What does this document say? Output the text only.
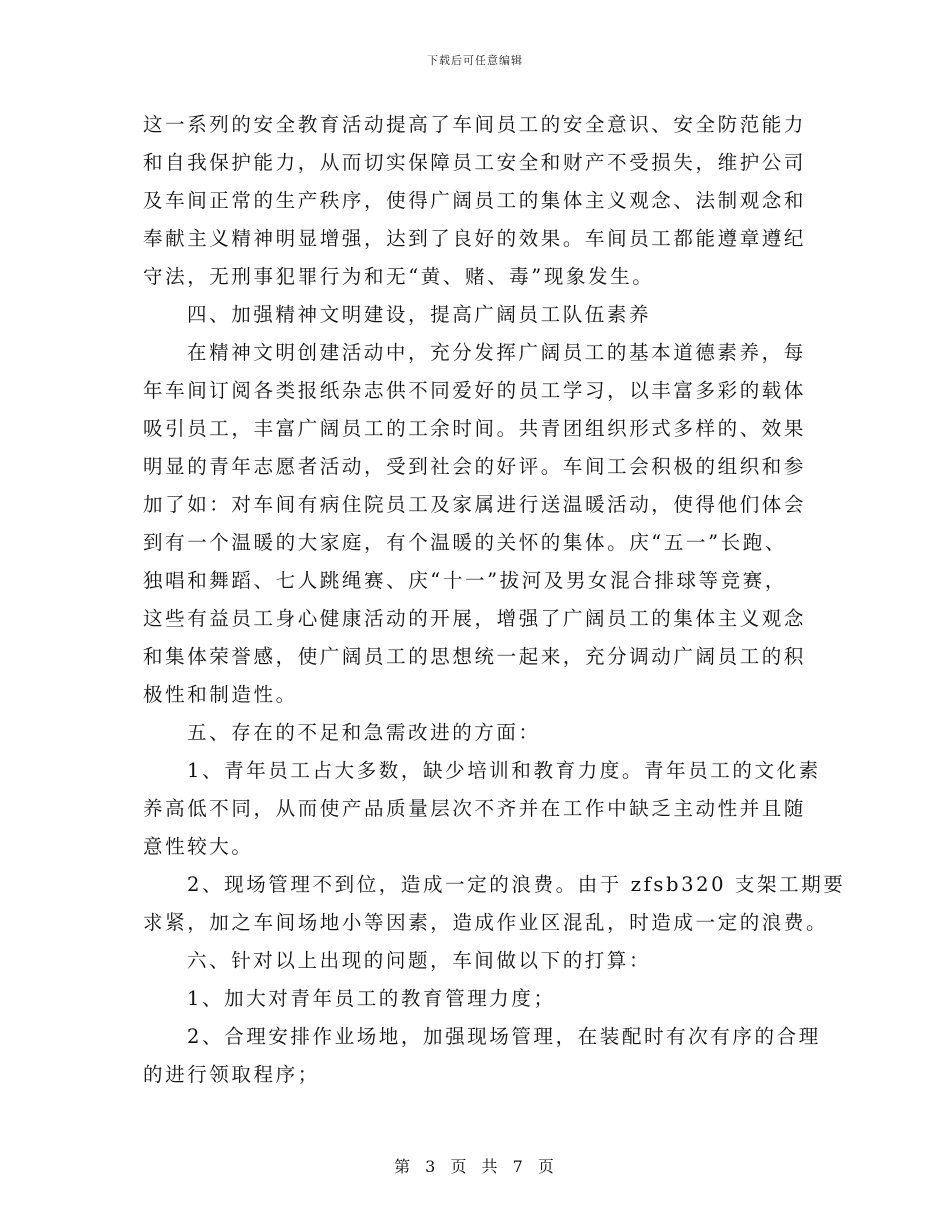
下载后可任意编辑
这一系列的安全教育活动提高了车间员工的安全意识、安全防范能力
和自我保护能力，从而切实保障员工安全和财产不受损失，维护公司
及车间正常的生产秩序，使得广阔员工的集体主义观念、法制观念和
奉献主义精神明显增强，达到了良好的效果。车间员工都能遵章遵纪
守法，无刑事犯罪行为和无“黄、赌、毒”现象发生。
四、加强精神文明建设，提高广阔员工队伍素养
在精神文明创建活动中，充分发挥广阔员工的基本道德素养，每
年车间订阅各类报纸杂志供不同爱好的员工学习，以丰富多彩的载体
吸引员工，丰富广阔员工的工余时间。共青团组织形式多样的、效果
明显的青年志愿者活动，受到社会的好评。车间工会积极的组织和参
加了如：对车间有病住院员工及家属进行送温暖活动，使得他们体会
到有一个温暖的大家庭，有个温暖的关怀的集体。庆“五一”长跑、
独唱和舞蹈、七人跳绳赛、庆“十一”拔河及男女混合排球等竞赛，
这些有益员工身心健康活动的开展，增强了广阔员工的集体主义观念
和集体荣誉感，使广阔员工的思想统一起来，充分调动广阔员工的积
极性和制造性。
五、存在的不足和急需改进的方面：
1、青年员工占大多数，缺少培训和教育力度。青年员工的文化素
养高低不同，从而使产品质量层次不齐并在工作中缺乏主动性并且随
意性较大。
2、现场管理不到位，造成一定的浪费。由于 zfsb320 支架工期要
求紧，加之车间场地小等因素，造成作业区混乱，时造成一定的浪费。
六、针对以上出现的问题，车间做以下的打算：
1、加大对青年员工的教育管理力度；
2、合理安排作业场地，加强现场管理，在装配时有次有序的合理
的进行领取程序；
第 3 页 共 7 页
